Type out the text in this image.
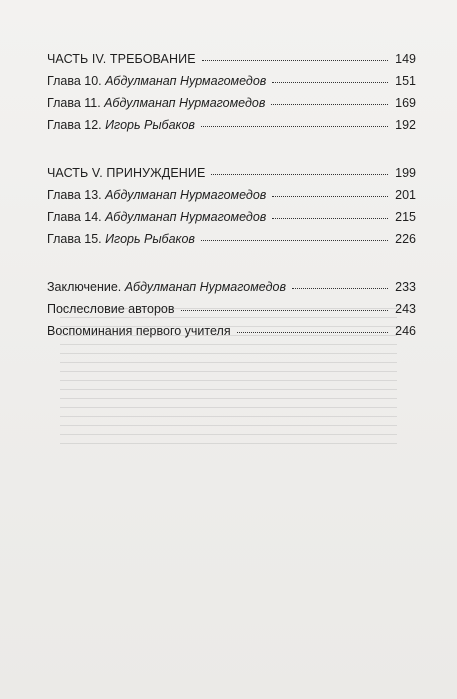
ЧАСТЬ IV. ТРЕБОВАНИЕ	149
Глава 10. Абдулманап Нурмагомедов	151
Глава 11. Абдулманап Нурмагомедов	169
Глава 12. Игорь Рыбаков	192
ЧАСТЬ V. ПРИНУЖДЕНИЕ	199
Глава 13. Абдулманап Нурмагомедов	201
Глава 14. Абдулманап Нурмагомедов	215
Глава 15. Игорь Рыбаков	226
Заключение. Абдулманап Нурмагомедов	233
Послесловие авторов	243
Воспоминания первого учителя	246
